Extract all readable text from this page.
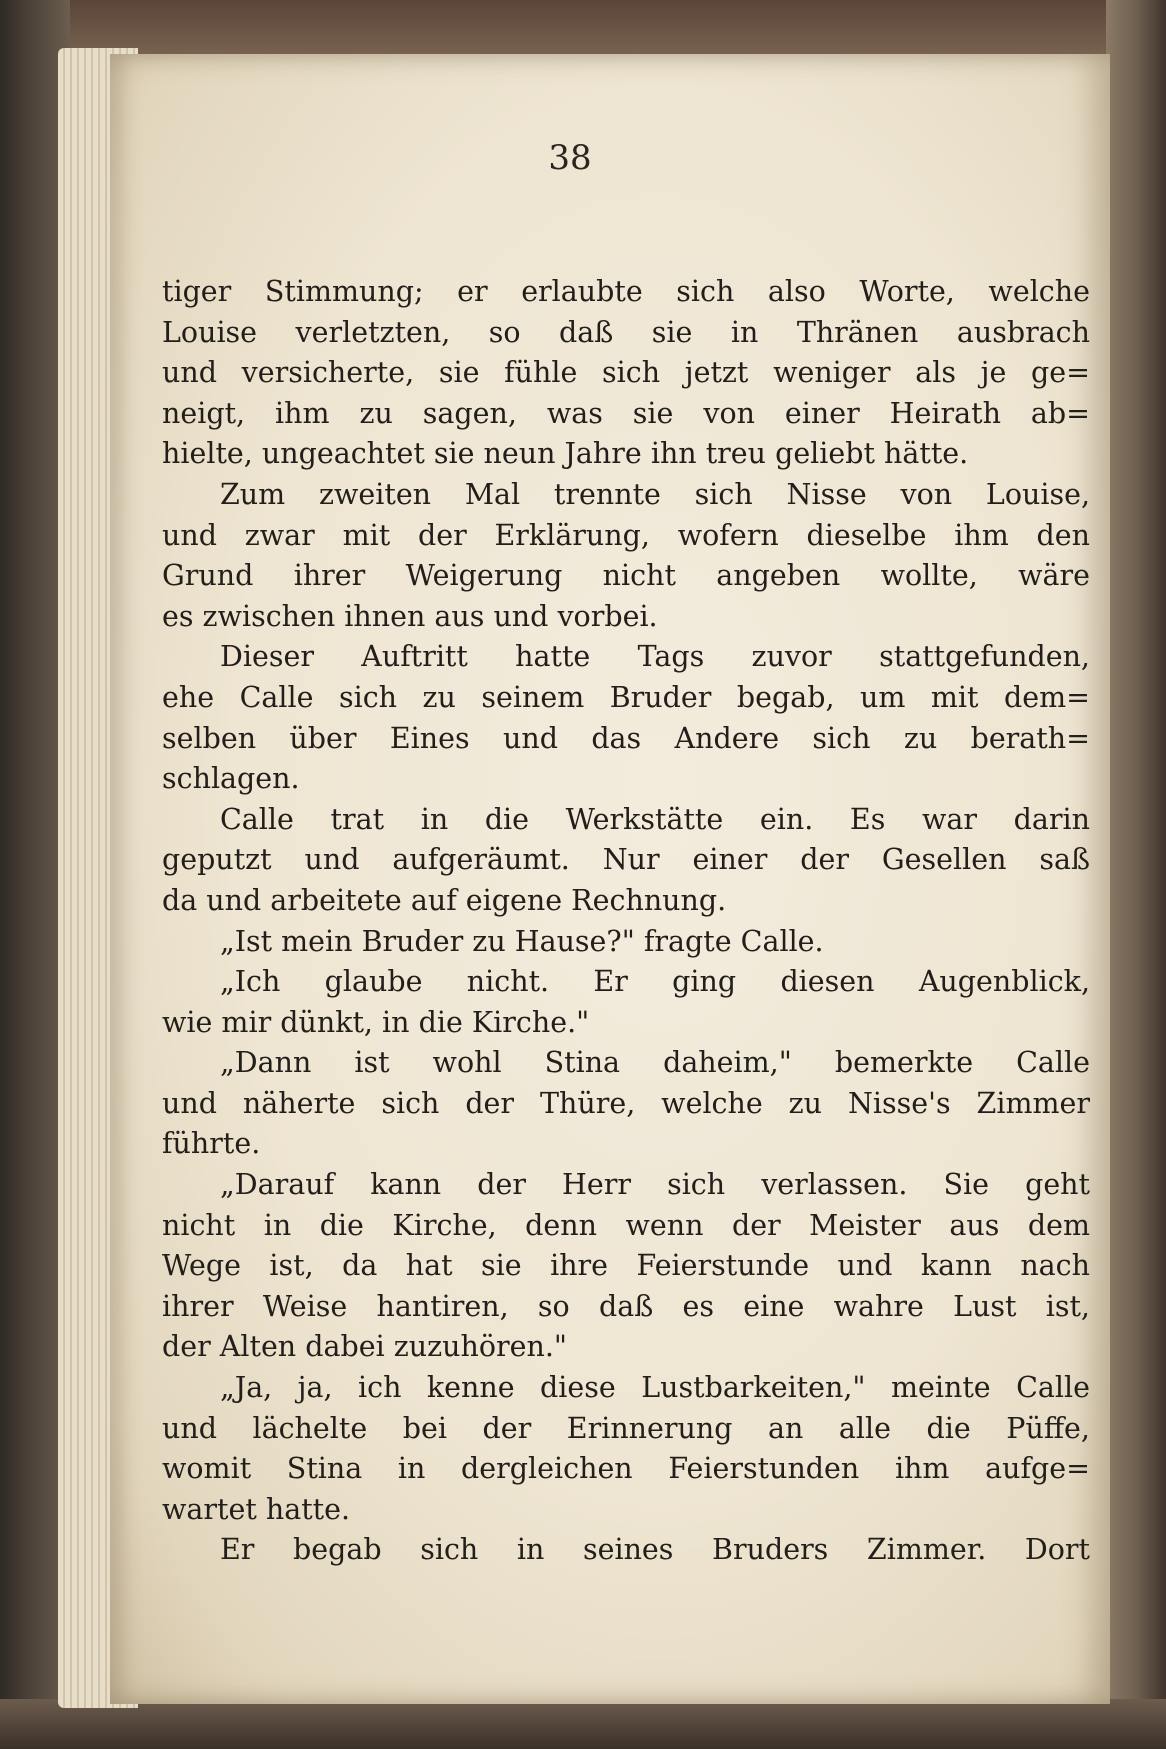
38
tiger Stimmung; er erlaubte sich also Worte, welche
Louise verletzten, so daß sie in Thränen ausbrach
und versicherte, sie fühle sich jetzt weniger als je ge=
neigt, ihm zu sagen, was sie von einer Heirath ab=
hielte, ungeachtet sie neun Jahre ihn treu geliebt hätte.
Zum zweiten Mal trennte sich Nisse von Louise,
und zwar mit der Erklärung, wofern dieselbe ihm den
Grund ihrer Weigerung nicht angeben wollte, wäre
es zwischen ihnen aus und vorbei.
Dieser Auftritt hatte Tags zuvor stattgefunden,
ehe Calle sich zu seinem Bruder begab, um mit dem=
selben über Eines und das Andere sich zu berath=
schlagen.
Calle trat in die Werkstätte ein. Es war darin
geputzt und aufgeräumt. Nur einer der Gesellen saß
da und arbeitete auf eigene Rechnung.
„Ist mein Bruder zu Hause?" fragte Calle.
„Ich glaube nicht. Er ging diesen Augenblick,
wie mir dünkt, in die Kirche."
„Dann ist wohl Stina daheim," bemerkte Calle
und näherte sich der Thüre, welche zu Nisse's Zimmer
führte.
„Darauf kann der Herr sich verlassen. Sie geht
nicht in die Kirche, denn wenn der Meister aus dem
Wege ist, da hat sie ihre Feierstunde und kann nach
ihrer Weise hantiren, so daß es eine wahre Lust ist,
der Alten dabei zuzuhören."
„Ja, ja, ich kenne diese Lustbarkeiten," meinte Calle
und lächelte bei der Erinnerung an alle die Püffe,
womit Stina in dergleichen Feierstunden ihm aufge=
wartet hatte.
Er begab sich in seines Bruders Zimmer. Dort
